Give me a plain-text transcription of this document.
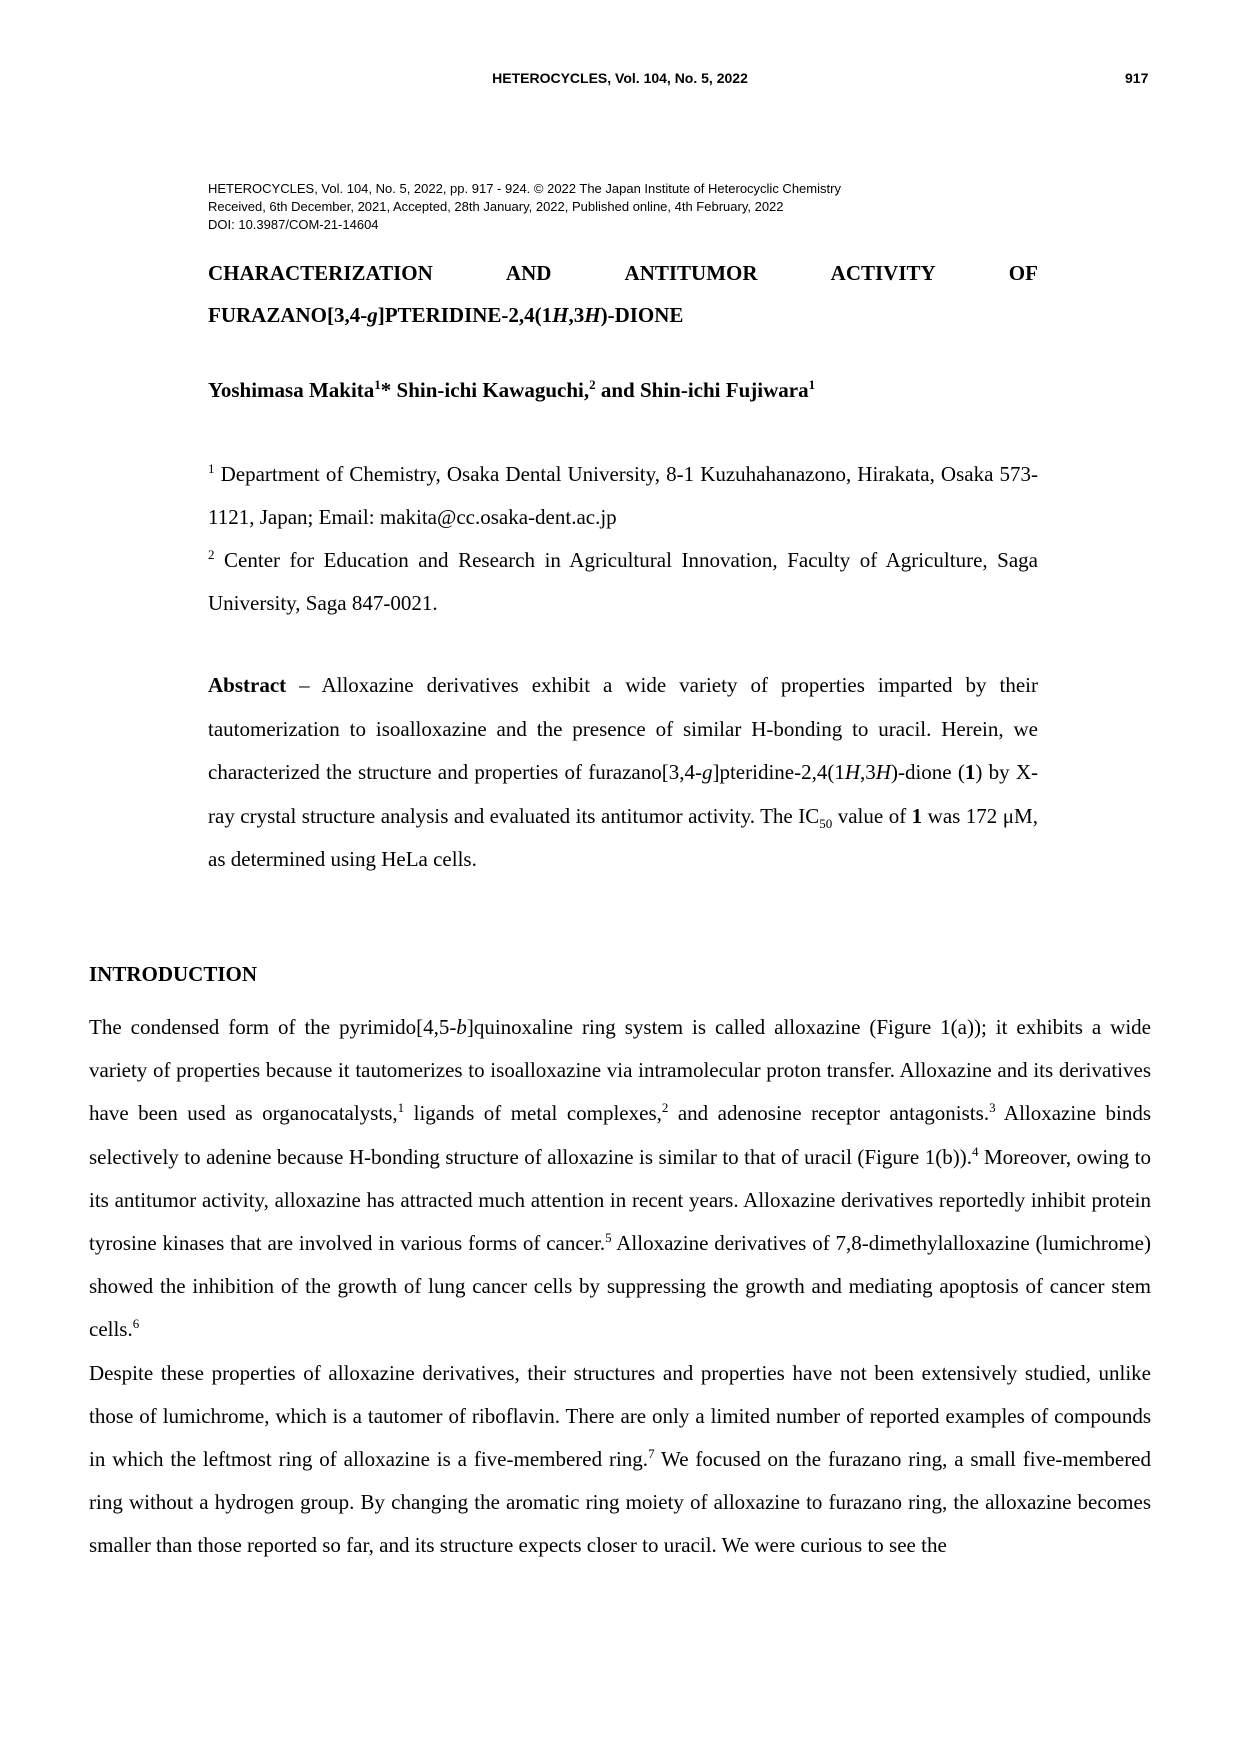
HETEROCYCLES, Vol. 104, No. 5, 2022	917
HETEROCYCLES, Vol. 104, No. 5, 2022, pp. 917 - 924. © 2022 The Japan Institute of Heterocyclic Chemistry
Received, 6th December, 2021, Accepted, 28th January, 2022, Published online, 4th February, 2022
DOI: 10.3987/COM-21-14604
CHARACTERIZATION	AND	ANTITUMOR	ACTIVITY	OF
FURAZANO[3,4-g]PTERIDINE-2,4(1H,3H)-DIONE
Yoshimasa Makita$^1$* Shin-ichi Kawaguchi,$^2$ and Shin-ichi Fujiwara$^1$
$^1$ Department of Chemistry, Osaka Dental University, 8-1 Kuzuhahanazono, Hirakata, Osaka 573-1121, Japan; Email: makita@cc.osaka-dent.ac.jp
$^2$ Center for Education and Research in Agricultural Innovation, Faculty of Agriculture, Saga University, Saga 847-0021.
Abstract – Alloxazine derivatives exhibit a wide variety of properties imparted by their tautomerization to isoalloxazine and the presence of similar H-bonding to uracil. Herein, we characterized the structure and properties of furazano[3,4-g]pteridine-2,4(1H,3H)-dione (1) by X-ray crystal structure analysis and evaluated its antitumor activity. The $IC_{50}$ value of 1 was 172 μM, as determined using HeLa cells.
INTRODUCTION

The condensed form of the pyrimido[4,5-b]quinoxaline ring system is called alloxazine (Figure 1(a)); it exhibits a wide variety of properties because it tautomerizes to isoalloxazine via intramolecular proton transfer. Alloxazine and its derivatives have been used as organocatalysts,$^1$ ligands of metal complexes,$^2$ and adenosine receptor antagonists.$^3$ Alloxazine binds selectively to adenine because H-bonding structure of alloxazine is similar to that of uracil (Figure 1(b)).$^4$ Moreover, owing to its antitumor activity, alloxazine has attracted much attention in recent years. Alloxazine derivatives reportedly inhibit protein tyrosine kinases that are involved in various forms of cancer.$^5$ Alloxazine derivatives of 7,8-dimethylalloxazine (lumichrome) showed the inhibition of the growth of lung cancer cells by suppressing the growth and mediating apoptosis of cancer stem cells.$^6$

Despite these properties of alloxazine derivatives, their structures and properties have not been extensively studied, unlike those of lumichrome, which is a tautomer of riboflavin. There are only a limited number of reported examples of compounds in which the leftmost ring of alloxazine is a five-membered ring.$^7$ We focused on the furazano ring, a small five-membered ring without a hydrogen group. By changing the aromatic ring moiety of alloxazine to furazano ring, the alloxazine becomes smaller than those reported so far, and its structure expects closer to uracil. We were curious to see the
